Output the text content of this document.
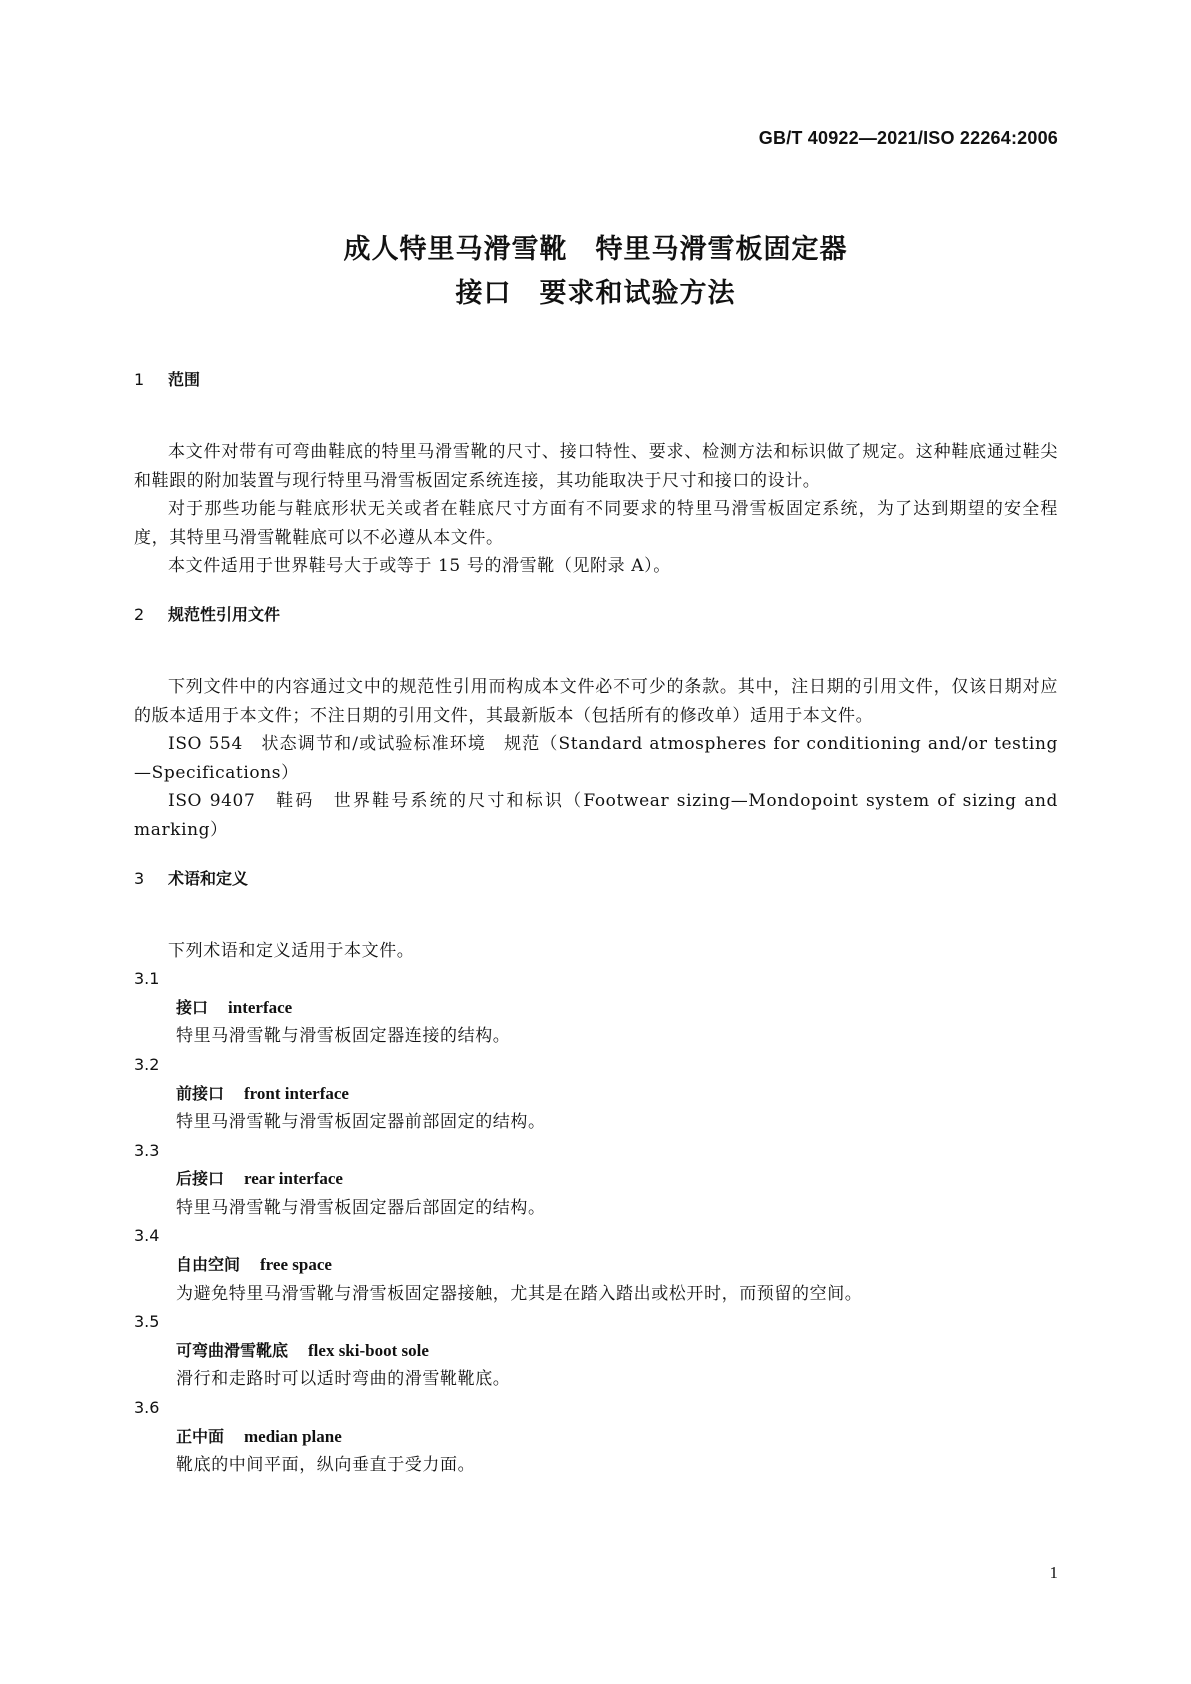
GB/T 40922—2021/ISO 22264:2006
成人特里马滑雪靴　特里马滑雪板固定器
接口　要求和试验方法
1 范围

本文件对带有可弯曲鞋底的特里马滑雪靴的尺寸、接口特性、要求、检测方法和标识做了规定。这种鞋底通过鞋尖和鞋跟的附加装置与现行特里马滑雪板固定系统连接，其功能取决于尺寸和接口的设计。

对于那些功能与鞋底形状无关或者在鞋底尺寸方面有不同要求的特里马滑雪板固定系统，为了达到期望的安全程度，其特里马滑雪靴鞋底可以不必遵从本文件。

本文件适用于世界鞋号大于或等于 15 号的滑雪靴（见附录 A）。

2 规范性引用文件

下列文件中的内容通过文中的规范性引用而构成本文件必不可少的条款。其中，注日期的引用文件，仅该日期对应的版本适用于本文件；不注日期的引用文件，其最新版本（包括所有的修改单）适用于本文件。

ISO 554　状态调节和/或试验标准环境　规范（Standard atmospheres for conditioning and/or testing—Specifications）

ISO 9407　鞋码　世界鞋号系统的尺寸和标识（Footwear sizing—Mondopoint system of sizing and marking）

3 术语和定义

下列术语和定义适用于本文件。

3.1
接口 interface
特里马滑雪靴与滑雪板固定器连接的结构。
3.2
前接口 front interface
特里马滑雪靴与滑雪板固定器前部固定的结构。
3.3
后接口 rear interface
特里马滑雪靴与滑雪板固定器后部固定的结构。
3.4
自由空间 free space
为避免特里马滑雪靴与滑雪板固定器接触，尤其是在踏入踏出或松开时，而预留的空间。
3.5
可弯曲滑雪靴底 flex ski-boot sole
滑行和走路时可以适时弯曲的滑雪靴靴底。
3.6
正中面 median plane
靴底的中间平面，纵向垂直于受力面。
1
